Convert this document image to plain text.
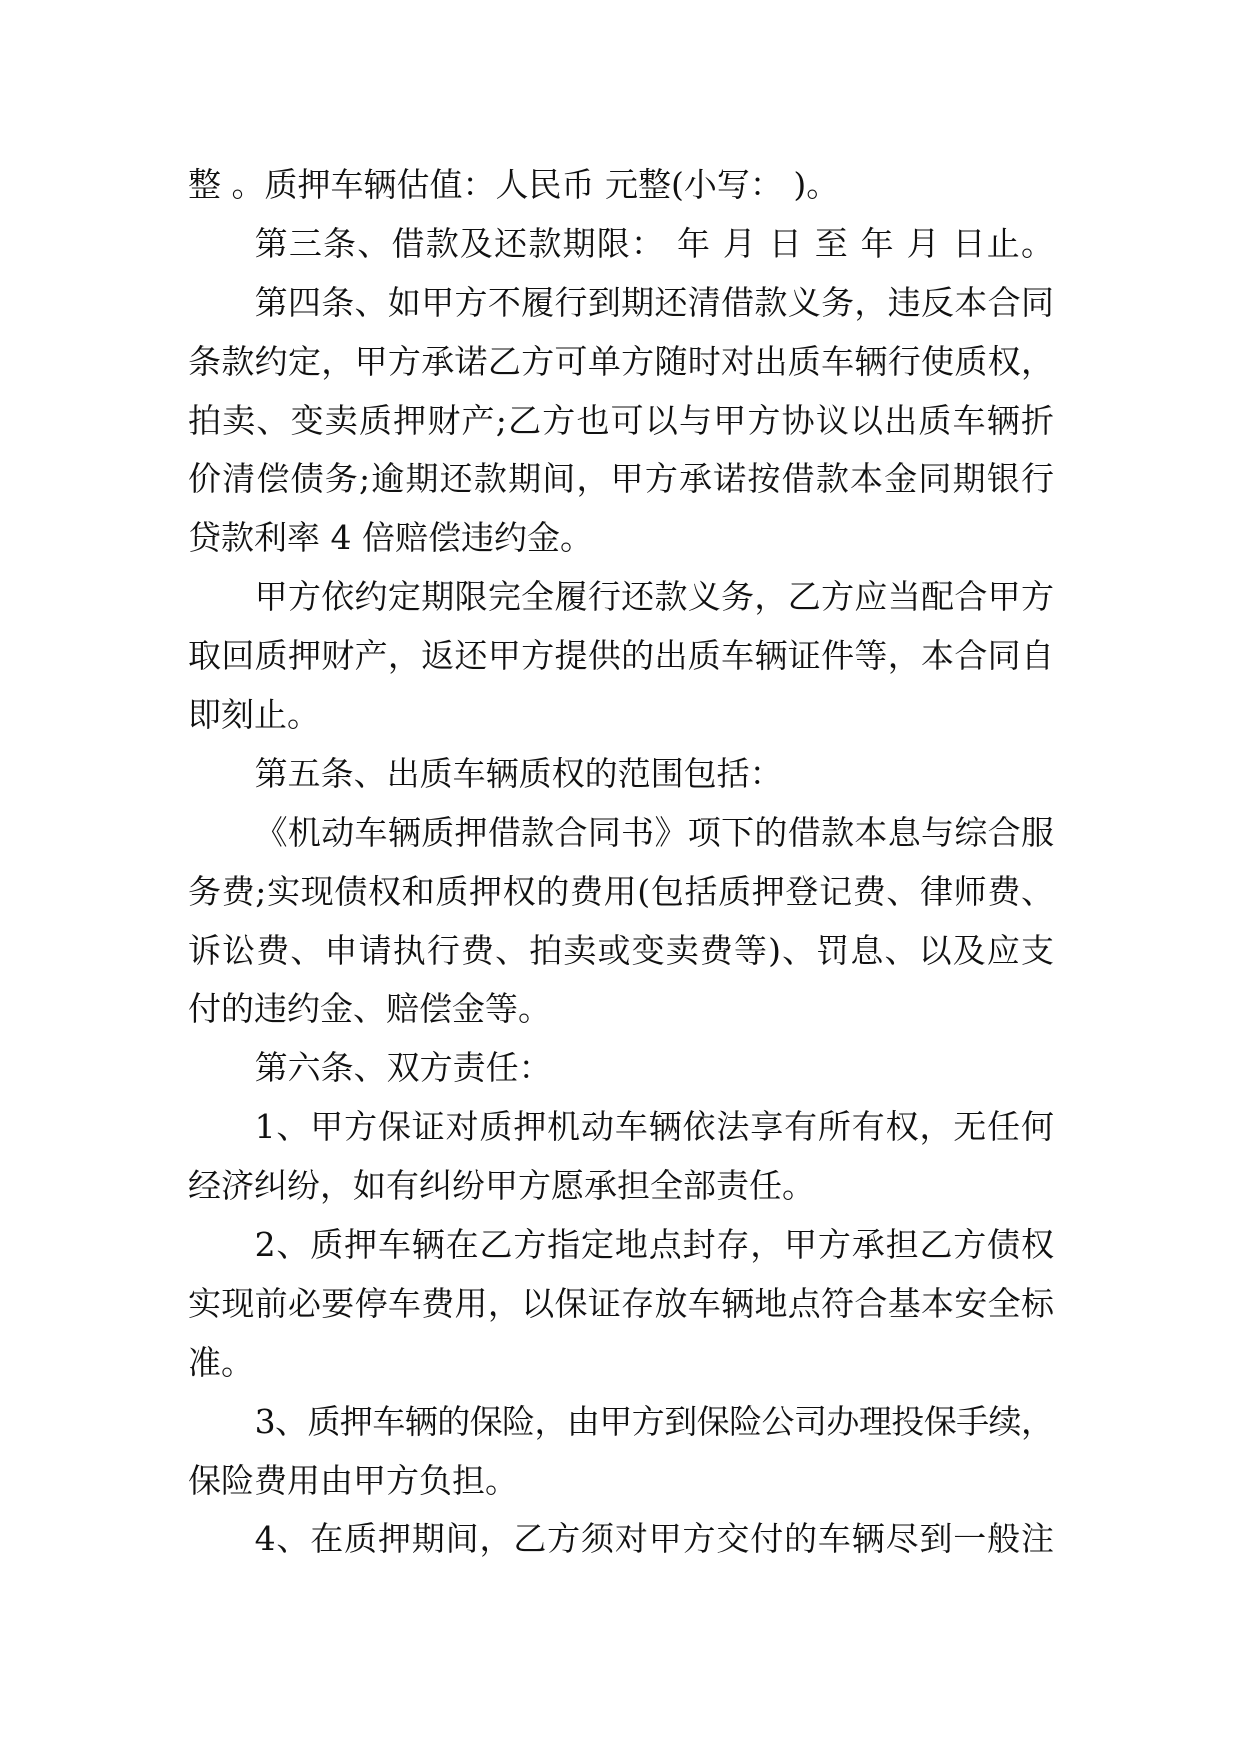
整 。质押车辆估值：人民币 元整(小写： )。
第三条、借款及还款期限： 年 月 日 至 年 月 日止。
第四条、如甲方不履行到期还清借款义务，违反本合同
条款约定，甲方承诺乙方可单方随时对出质车辆行使质权，
拍卖、变卖质押财产;乙方也可以与甲方协议以出质车辆折
价清偿债务;逾期还款期间，甲方承诺按借款本金同期银行
贷款利率 4 倍赔偿违约金。
甲方依约定期限完全履行还款义务，乙方应当配合甲方
取回质押财产，返还甲方提供的出质车辆证件等，本合同自
即刻止。
第五条、出质车辆质权的范围包括：
《机动车辆质押借款合同书》项下的借款本息与综合服
务费;实现债权和质押权的费用(包括质押登记费、律师费、
诉讼费、申请执行费、拍卖或变卖费等)、罚息、以及应支
付的违约金、赔偿金等。
第六条、双方责任：
1、甲方保证对质押机动车辆依法享有所有权，无任何
经济纠纷，如有纠纷甲方愿承担全部责任。
2、质押车辆在乙方指定地点封存，甲方承担乙方债权
实现前必要停车费用，以保证存放车辆地点符合基本安全标
准。
3、质押车辆的保险，由甲方到保险公司办理投保手续，
保险费用由甲方负担。
4、在质押期间，乙方须对甲方交付的车辆尽到一般注
